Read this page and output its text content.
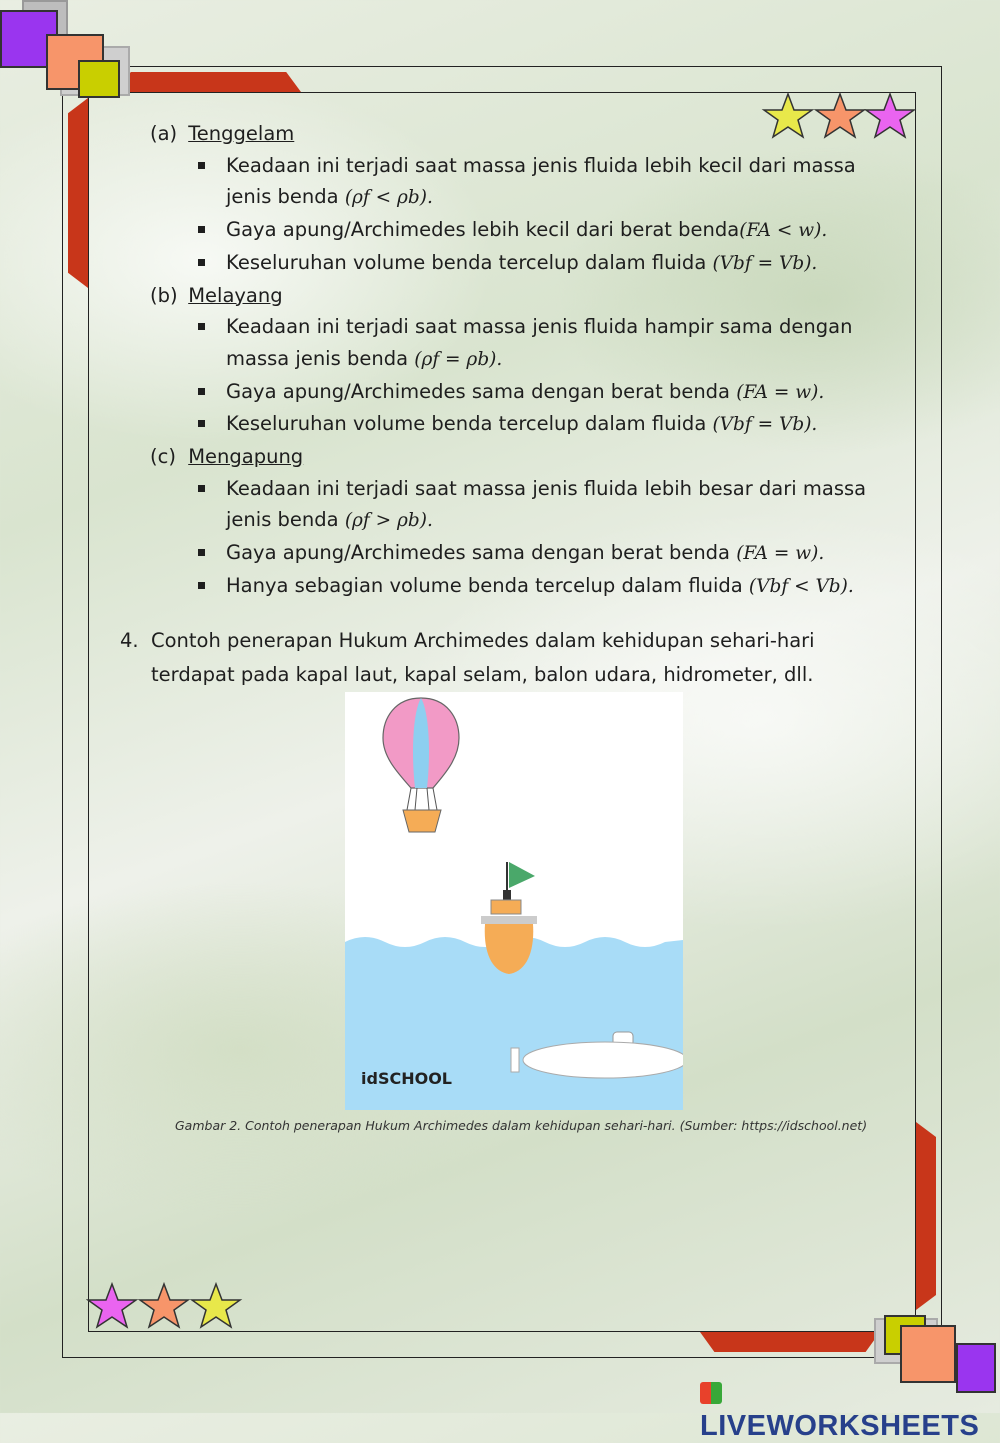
(a) Tenggelam
Keadaan ini terjadi saat massa jenis fluida lebih kecil dari massa jenis benda (ρf < ρb).
Gaya apung/Archimedes lebih kecil dari berat benda(FA < w).
Keseluruhan volume benda tercelup dalam fluida (Vbf = Vb).
(b) Melayang
Keadaan ini terjadi saat massa jenis fluida hampir sama dengan massa jenis benda (ρf = ρb).
Gaya apung/Archimedes sama dengan berat benda (FA = w).
Keseluruhan volume benda tercelup dalam fluida (Vbf = Vb).
(c) Mengapung
Keadaan ini terjadi saat massa jenis fluida lebih besar dari massa jenis benda (ρf > ρb).
Gaya apung/Archimedes sama dengan berat benda (FA = w).
Hanya sebagian volume benda tercelup dalam fluida (Vbf < Vb).
4. Contoh penerapan Hukum Archimedes dalam kehidupan sehari-hari terdapat pada kapal laut, kapal selam, balon udara, hidrometer, dll.
idSCHOOL
Gambar 2. Contoh penerapan Hukum Archimedes dalam kehidupan sehari-hari. (Sumber: https://idschool.net)
LIVEWORKSHEETS
